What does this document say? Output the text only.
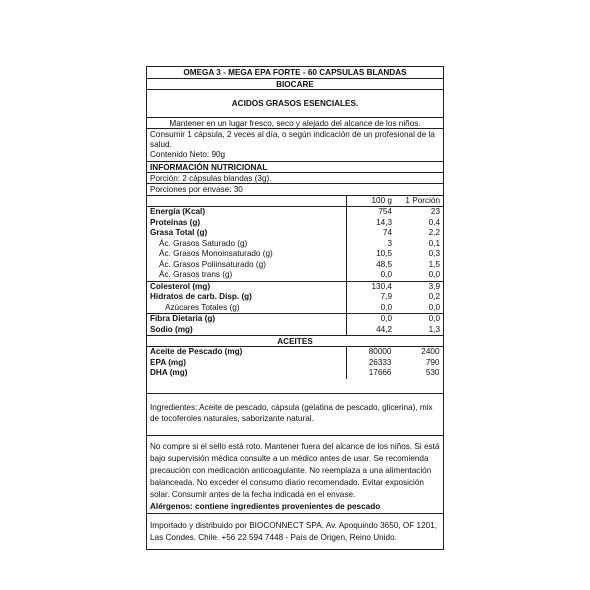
OMEGA 3 - MEGA EPA FORTE - 60 CAPSULAS BLANDAS
BIOCARE
ACIDOS GRASOS ESENCIALES.
Mantener en un lugar fresco, seco y alejado del alcance de los niños.
Consumir 1 cápsula, 2 veces al día, o según indicación de un profesional de la salud.
Contenido Neto: 90g
INFORMACIÓN NUTRICIONAL
Porción: 2 cápsulas blandas (3g).
Porciones por envase: 30
	100 g	1 Porción
Energía (Kcal)	754	23
Proteínas (g)	14,3	0,4
Grasa Total (g)	74	2,2
Ác. Grasos Saturado (g)	3	0,1
Ác. Grasos Monoinsaturado (g)	10,5	0,3
Ác. Grasos Poliinsaturado (g)	48,5	1,5
Ác. Grasos trans (g)	0,0	0,0
Colesterol (mg)	130,4	3,9
Hidratos de carb. Disp. (g)	7,9	0,2
Azúcares Totales (g)	0,0	0,0
Fibra Dietaria (g)	0,0	0,0
Sodio (mg)	44,2	1,3
ACEITES
Aceite de Pescado (mg)	80000	2400
EPA (mg)	26333	790
DHA (mg)	17666	530
Ingredientes: Aceite de pescado, cápsula (gelatina de pescado, glicerina), mix de tocoferoles naturales, saborizante natural.
No compre si el sello está roto. Mantener fuera del alcance de los niños. Si está bajo supervisión médica consulte a un médico antes de usar. Se recomienda precaución con medicación anticoagulante. No reemplaza a una alimentación balanceada. No exceder el consumo diario recomendado. Evitar exposición solar. Consumir antes de la fecha indicada en el envase.
Alérgenos: contiene ingredientes provenientes de pescado
Importado y distribuido por BIOCONNECT SPA. Av. Apoquindo 3650, OF 1201, Las Condes. Chile. +56 22 594 7448 - País de Origen, Reino Unido.
